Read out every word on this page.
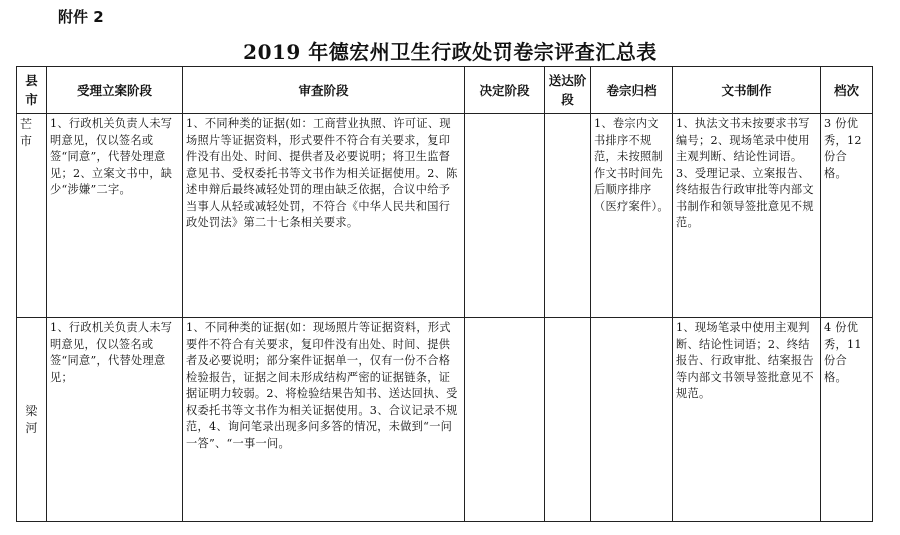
附件 2
2019 年德宏州卫生行政处罚卷宗评查汇总表
县市	受理立案阶段	审查阶段	决定阶段	送达阶段	卷宗归档	文书制作	档次
芒市	1、行政机关负责人未写明意见，仅以签名或签“同意”，代替处理意见；2、立案文书中，缺少“涉嫌”二字。	1、不同种类的证据(如：工商营业执照、许可证、现场照片等证据资料，形式要件不符合有关要求，复印件没有出处、时间、提供者及必要说明；将卫生监督意见书、受权委托书等文书作为相关证据使用。2、陈述申辩后最终减轻处罚的理由缺乏依据，合议中给予当事人从轻或减轻处罚，不符合《中华人民共和国行政处罚法》第二十七条相关要求。			1、卷宗内文书排序不规范，未按照制作文书时间先后顺序排序（医疗案件）。	1、执法文书未按要求书写编号；2、现场笔录中使用主观判断、结论性词语。3、受理记录、立案报告、终结报告行政审批等内部文书制作和领导签批意见不规范。	3 份优秀，12 份合格。
梁河	1、行政机关负责人未写明意见，仅以签名或签“同意”，代替处理意见；	1、不同种类的证据(如：现场照片等证据资料，形式要件不符合有关要求，复印件没有出处、时间、提供者及必要说明；部分案件证据单一，仅有一份不合格检验报告，证据之间未形成结构严密的证据链条，证据证明力较弱。2、将检验结果告知书、送达回执、受权委托书等文书作为相关证据使用。3、合议记录不规范，4、询问笔录出现多问多答的情况，未做到“一问一答”、“一事一问。				1、现场笔录中使用主观判断、结论性词语；2、终结报告、行政审批、结案报告等内部文书领导签批意见不规范。	4 份优秀，11 份合格。
